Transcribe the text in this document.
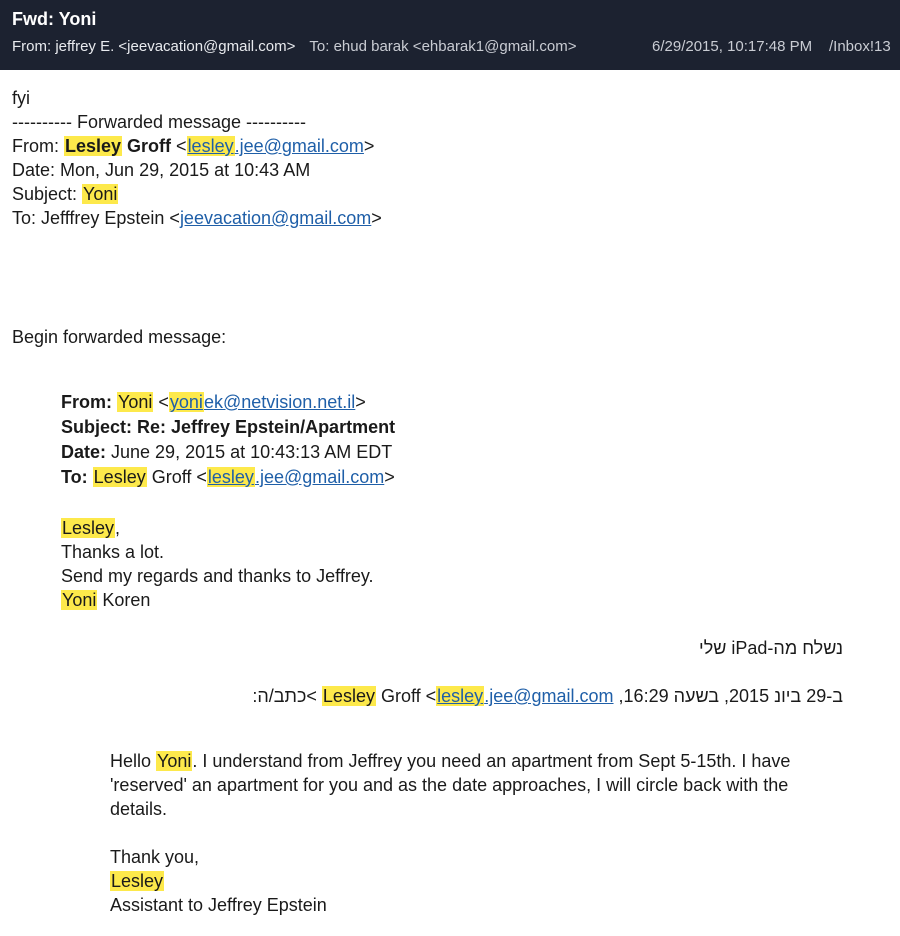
Fwd: Yoni
From: jeffrey E. <jeevacation@gmail.com> To: ehud barak <ehbarak1@gmail.com>	6/29/2015, 10:17:48 PM /Inbox!13
fyi
---------- Forwarded message ----------
From: Lesley Groff <lesley.jee@gmail.com>
Date: Mon, Jun 29, 2015 at 10:43 AM
Subject: Yoni
To: Jefffrey Epstein <jeevacation@gmail.com>
Begin forwarded message:
From: Yoni <yoniek@netvision.net.il>
Subject: Re: Jeffrey Epstein/Apartment
Date: June 29, 2015 at 10:43:13 AM EDT
To: Lesley Groff <lesley.jee@gmail.com>
Lesley,
Thanks a lot.
Send my regards and thanks to Jeffrey.
Yoni Koren
נשלח מה-iPad שלי
ב-29 ביונ 2015, בשעה 16:29, lesley.jee@gmail.com <Lesley Groff< כתב/ה:
Hello Yoni. I understand from Jeffrey you need an apartment from Sept 5-15th. I have
'reserved' an apartment for you and as the date approaches, I will circle back with the
details.
Thank you,
Lesley
Assistant to Jeffrey Epstein
